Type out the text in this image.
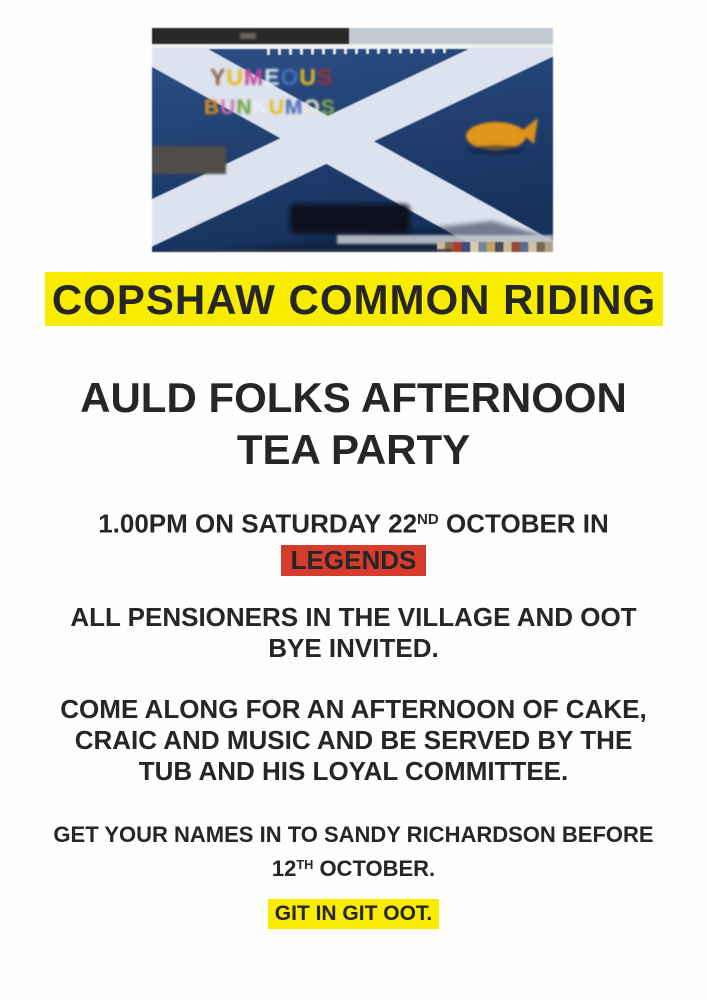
YUMEOUS
BUNKUMOS
COPSHAW COMMON RIDING
AULD FOLKS AFTERNOON
TEA PARTY
1.00PM ON SATURDAY 22ND OCTOBER IN
LEGENDS
ALL PENSIONERS IN THE VILLAGE AND OOT
BYE INVITED.
COME ALONG FOR AN AFTERNOON OF CAKE,
CRAIC AND MUSIC AND BE SERVED BY THE
TUB AND HIS LOYAL COMMITTEE.
GET YOUR NAMES IN TO SANDY RICHARDSON BEFORE
12TH OCTOBER.
GIT IN GIT OOT.
